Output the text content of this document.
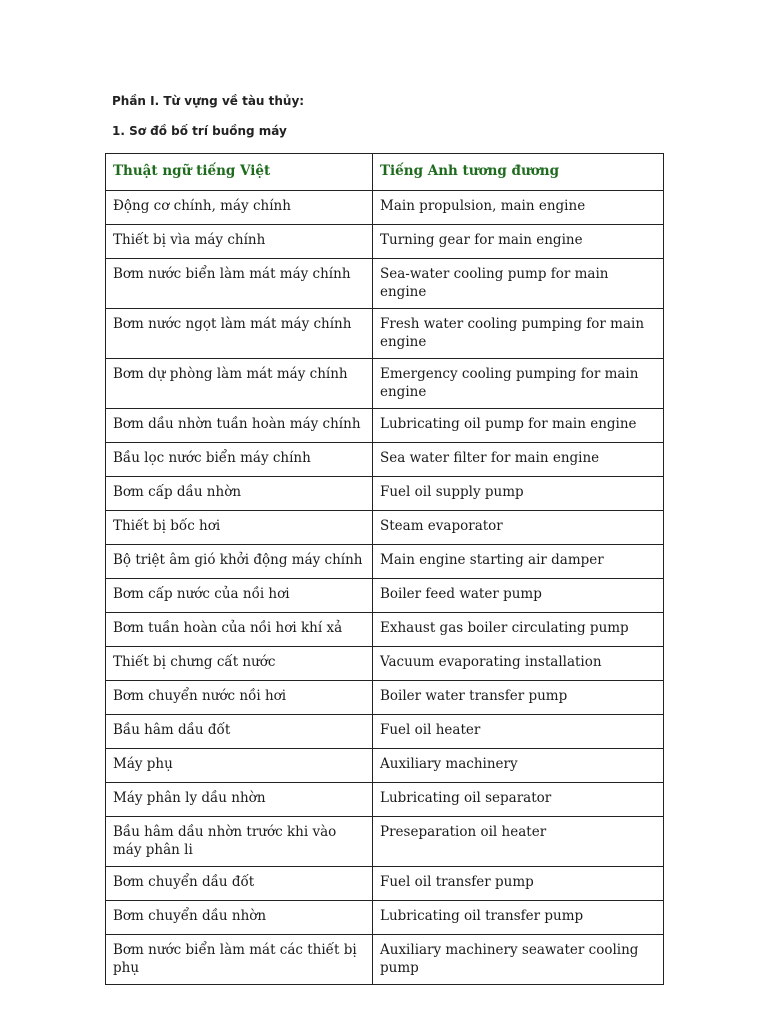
Phần I. Từ vựng về tàu thủy:
1. Sơ đồ bố trí buồng máy
Thuật ngữ tiếng Việt	Tiếng Anh tương đương
Động cơ chính, máy chính	Main propulsion, main engine
Thiết bị vìa máy chính	Turning gear for main engine
Bơm nước biển làm mát máy chính	Sea-water cooling pump for main engine
Bơm nước ngọt làm mát máy chính	Fresh water cooling pumping for main engine
Bơm dự phòng làm mát máy chính	Emergency cooling pumping for main engine
Bơm dầu nhờn tuần hoàn máy chính	Lubricating oil pump for main engine
Bầu lọc nước biển máy chính	Sea water filter for main engine
Bơm cấp dầu nhờn	Fuel oil supply pump
Thiết bị bốc hơi	Steam evaporator
Bộ triệt âm gió khởi động máy chính	Main engine starting air damper
Bơm cấp nước của nồi hơi	Boiler feed water pump
Bơm tuần hoàn của nồi hơi khí xả	Exhaust gas boiler circulating pump
Thiết bị chưng cất nước	Vacuum evaporating installation
Bơm chuyển nước nồi hơi	Boiler water transfer pump
Bầu hâm dầu đốt	Fuel oil heater
Máy phụ	Auxiliary machinery
Máy phân ly dầu nhờn	Lubricating oil separator
Bầu hâm dầu nhờn trước khi vào máy phân li	Preseparation oil heater
Bơm chuyển dầu đốt	Fuel oil transfer pump
Bơm chuyển dầu nhờn	Lubricating oil transfer pump
Bơm nước biển làm mát các thiết bị phụ	Auxiliary machinery seawater cooling pump
